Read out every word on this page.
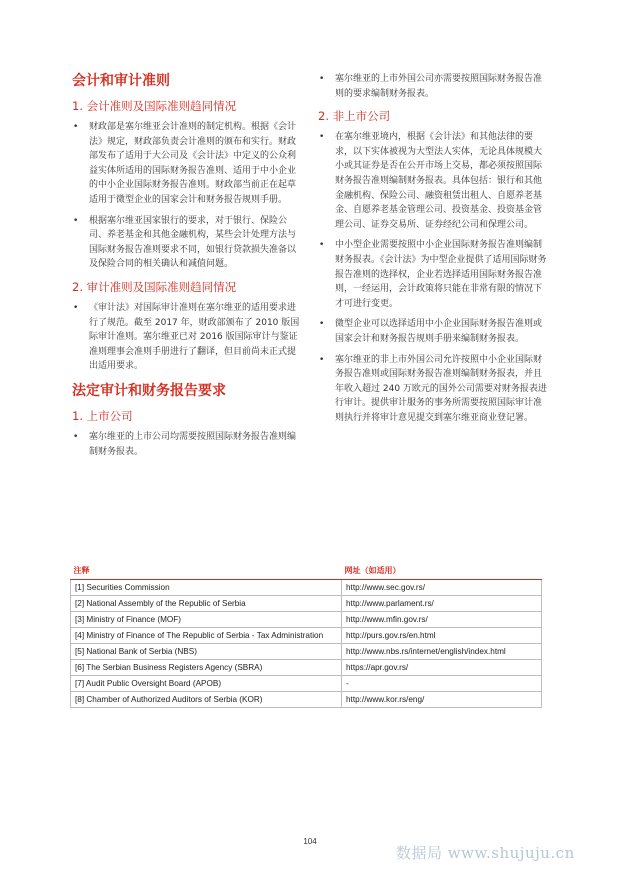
会计和审计准则
1. 会计准则及国际准则趋同情况
• 财政部是塞尔维亚会计准则的制定机构。根据《会计法》规定，财政部负责会计准则的颁布和实行。财政部发布了适用于大公司及《会计法》中定义的公众利益实体所适用的国际财务报告准则、适用于中小企业的中小企业国际财务报告准则。财政部当前正在起草适用于微型企业的国家会计和财务报告规则手册。
• 根据塞尔维亚国家银行的要求，对于银行、保险公司、养老基金和其他金融机构，某些会计处理方法与国际财务报告准则要求不同，如银行贷款损失准备以及保险合同的相关确认和减值问题。
2. 审计准则及国际准则趋同情况
• 《审计法》对国际审计准则在塞尔维亚的适用要求进行了规范。截至 2017 年，财政部颁布了 2010 版国际审计准则。塞尔维亚已对 2016 版国际审计与鉴证准则理事会准则手册进行了翻译，但目前尚未正式提出适用要求。
法定审计和财务报告要求
1. 上市公司
• 塞尔维亚的上市公司均需要按照国际财务报告准则编制财务报表。
• 塞尔维亚的上市外国公司亦需要按照国际财务报告准则的要求编制财务报表。
2. 非上市公司
• 在塞尔维亚境内，根据《会计法》和其他法律的要求，以下实体被视为大型法人实体，无论具体规模大小或其证券是否在公开市场上交易，都必须按照国际财务报告准则编制财务报表。具体包括：银行和其他金融机构、保险公司、融资租赁出租人、自愿养老基金、自愿养老基金管理公司、投资基金、投资基金管理公司、证券交易所、证券经纪公司和保理公司。
• 中小型企业需要按照中小企业国际财务报告准则编制财务报表。《会计法》为中型企业提供了适用国际财务报告准则的选择权，企业若选择适用国际财务报告准则，一经运用，会计政策将只能在非常有限的情况下才可进行变更。
• 微型企业可以选择适用中小企业国际财务报告准则或国家会计和财务报告规则手册来编制财务报表。
• 塞尔维亚的非上市外国公司允许按照中小企业国际财务报告准则或国际财务报告准则编制财务报表，并且年收入超过 240 万欧元的国外公司需要对财务报表进行审计。提供审计服务的事务所需要按照国际审计准则执行并将审计意见提交到塞尔维亚商业登记署。
注释	网址（如适用）
[1] Securities Commission	http://www.sec.gov.rs/
[2] National Assembly of the Republic of Serbia	http://www.parlament.rs/
[3] Ministry of Finance (MOF)	http://www.mfin.gov.rs/
[4] Ministry of Finance of The Republic of Serbia - Tax Administration	http://purs.gov.rs/en.html
[5] National Bank of Serbia (NBS)	http://www.nbs.rs/internet/english/index.html
[6] The Serbian Business Registers Agency (SBRA)	https://apr.gov.rs/
[7] Audit Public Oversight Board (APOB)	-
[8] Chamber of Authorized Auditors of Serbia (KOR)	http://www.kor.rs/eng/
104
数据局 www.shujuju.cn
